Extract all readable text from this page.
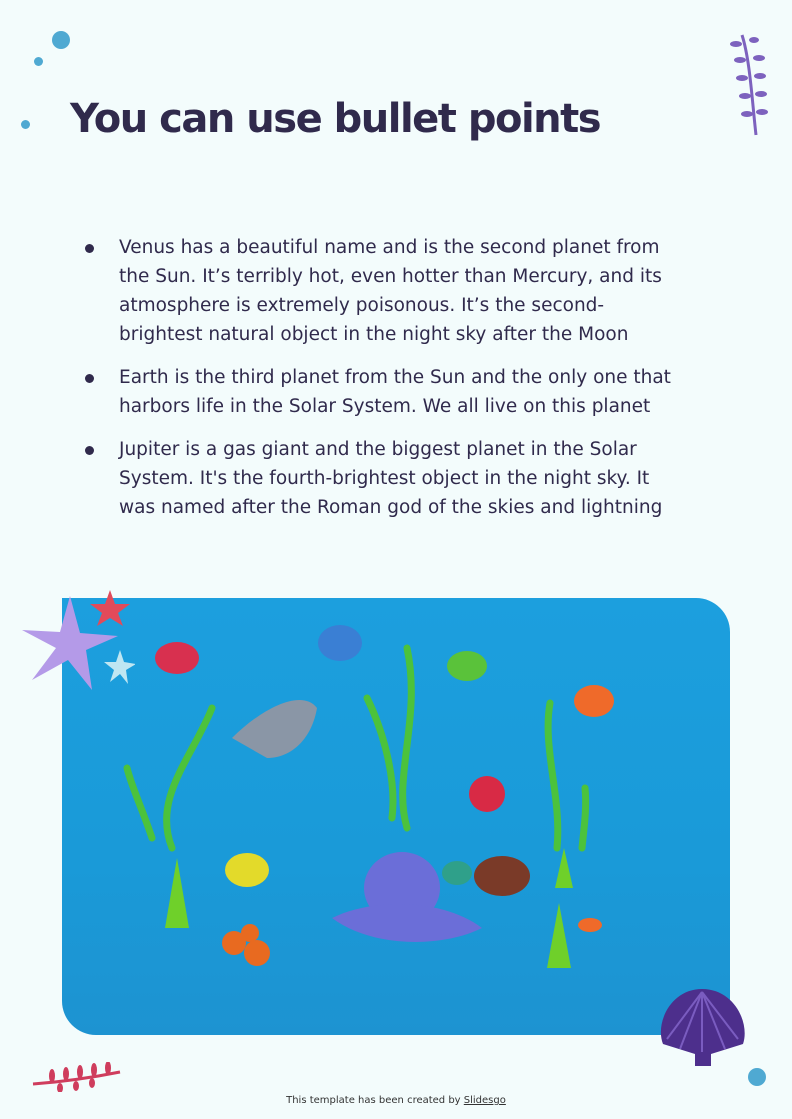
You can use bullet points
Venus has a beautiful name and is the second planet from the Sun. It’s terribly hot, even hotter than Mercury, and its atmosphere is extremely poisonous. It’s the second-brightest natural object in the night sky after the Moon
Earth is the third planet from the Sun and the only one that harbors life in the Solar System. We all live on this planet
Jupiter is a gas giant and the biggest planet in the Solar System. It's the fourth-brightest object in the night sky. It was named after the Roman god of the skies and lightning
This template has been created by Slidesgo
